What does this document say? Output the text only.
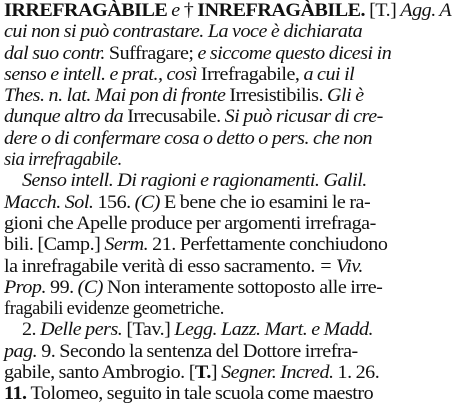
IRREFRAGÀBILE e † INREFRAGÀBILE. [T.] Agg. A
cui non si può contrastare. La voce è dichiarata
dal suo contr. Suffragare; e siccome questo dicesi in
senso e intell. e prat., così Irrefragabile, a cui il
Thes. n. lat. Mai pon di fronte Irresistibilis. Gli è
dunque altro da Irrecusabile. Si può ricusar di cre-
dere o di confermare cosa o detto o pers. che non
sia irrefragabile.
Senso intell. Di ragioni e ragionamenti. Galil.
Macch. Sol. 156. (C) E bene che io esamini le ra-
gioni che Apelle produce per argomenti irrefraga-
bili. [Camp.] Serm. 21. Perfettamente conchiudono
la inrefragabile verità di esso sacramento. = Viv.
Prop. 99. (C) Non interamente sottoposto alle irre-
fragabili evidenze geometriche.
2. Delle pers. [Tav.] Legg. Lazz. Mart. e Madd.
pag. 9. Secondo la sentenza del Dottore irrefra-
gabile, santo Ambrogio. [T.] Segner. Incred. 1. 26.
11. Tolomeo, seguito in tale scuola come maestro
